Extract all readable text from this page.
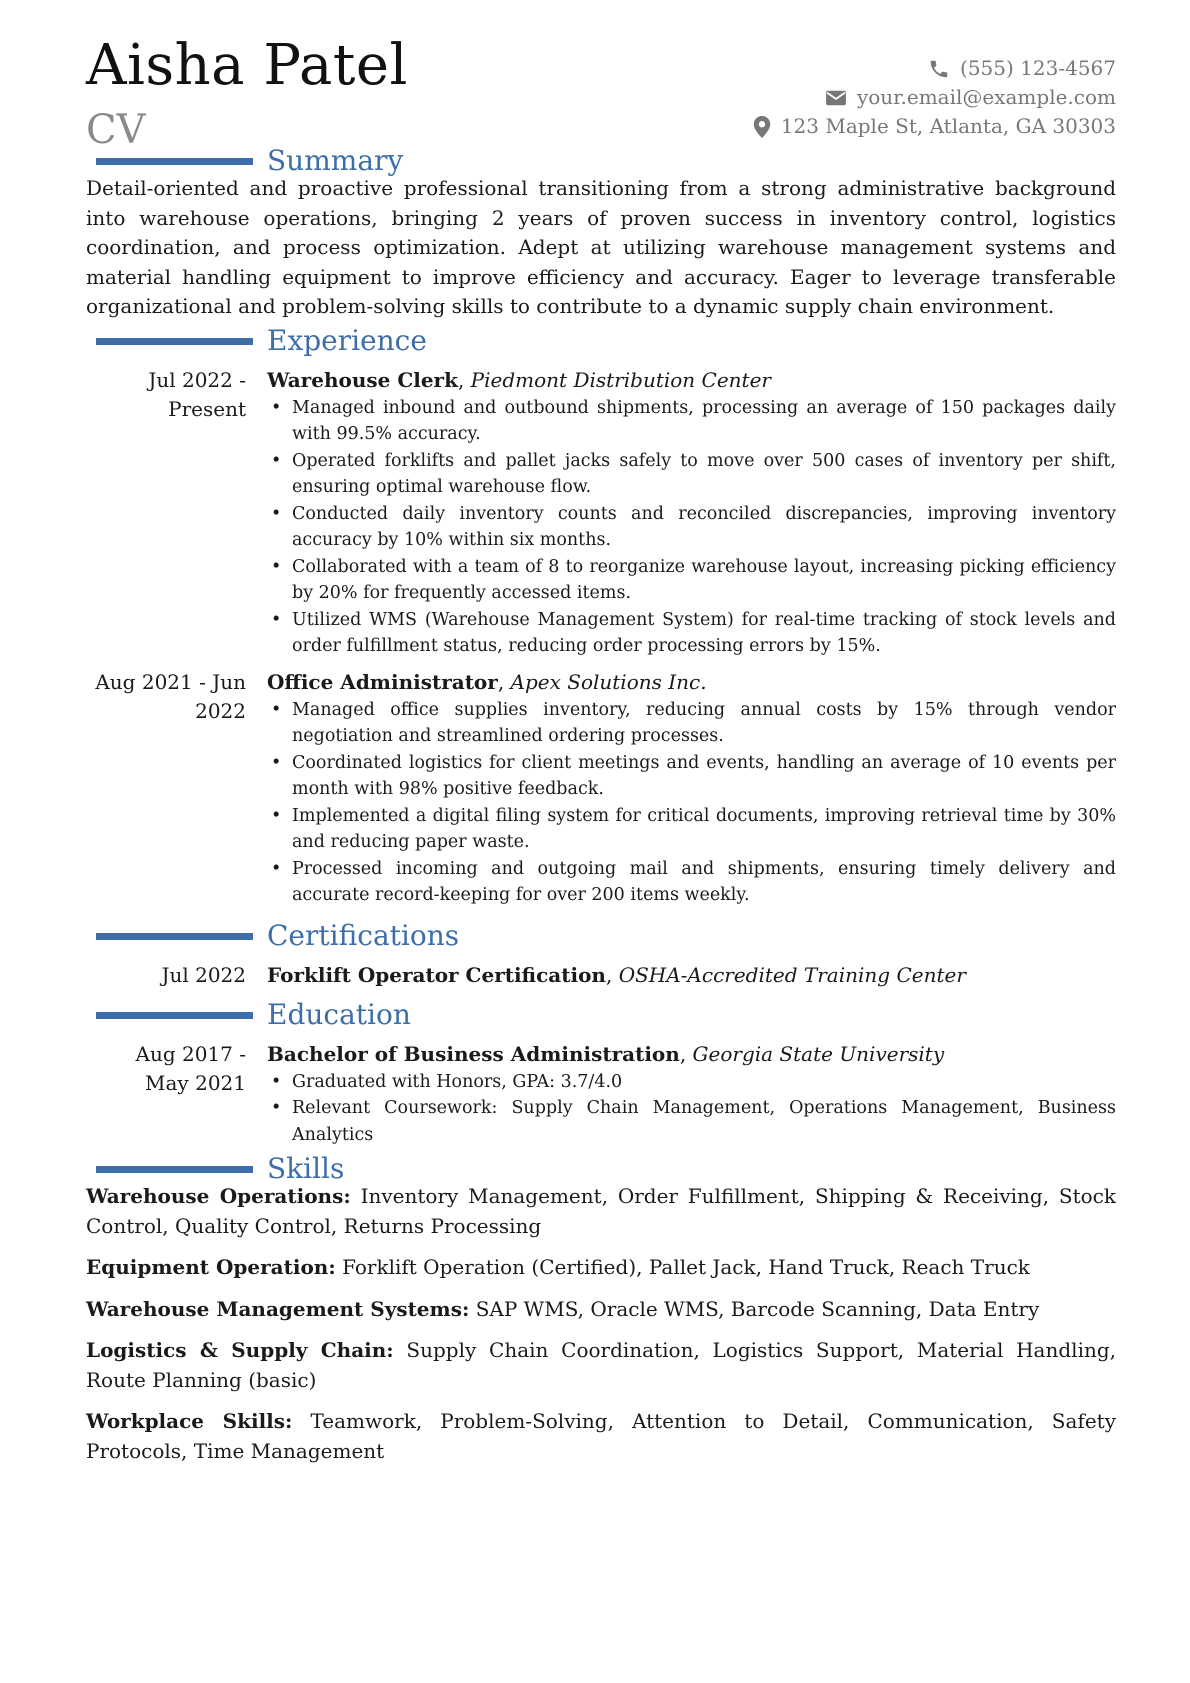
Aisha Patel
CV
(555) 123-4567
your.email@example.com
123 Maple St, Atlanta, GA 30303
Summary

Detail-oriented and proactive professional transitioning from a strong administrative background into warehouse operations, bringing 2 years of proven success in inventory control, logistics coordination, and process optimization. Adept at utilizing warehouse management systems and material handling equipment to improve efficiency and accuracy. Eager to leverage transferable organizational and problem-solving skills to contribute to a dynamic supply chain environment.

Experience
Jul 2022 - Present
Warehouse Clerk, Piedmont Distribution Center
• Managed inbound and outbound shipments, processing an average of 150 packages daily with 99.5% accuracy.
• Operated forklifts and pallet jacks safely to move over 500 cases of inventory per shift, ensuring optimal warehouse flow.
• Conducted daily inventory counts and reconciled discrepancies, improving inventory accuracy by 10% within six months.
• Collaborated with a team of 8 to reorganize warehouse layout, increasing picking efficiency by 20% for frequently accessed items.
• Utilized WMS (Warehouse Management System) for real-time tracking of stock levels and order fulfillment status, reducing order processing errors by 15%.
Aug 2021 - Jun 2022
Office Administrator, Apex Solutions Inc.
• Managed office supplies inventory, reducing annual costs by 15% through vendor negotiation and streamlined ordering processes.
• Coordinated logistics for client meetings and events, handling an average of 10 events per month with 98% positive feedback.
• Implemented a digital filing system for critical documents, improving retrieval time by 30% and reducing paper waste.
• Processed incoming and outgoing mail and shipments, ensuring timely delivery and accurate record-keeping for over 200 items weekly.
Certifications
Jul 2022	Forklift Operator Certification, OSHA-Accredited Training Center
Education
Aug 2017 - May 2021
Bachelor of Business Administration, Georgia State University
• Graduated with Honors, GPA: 3.7/4.0
• Relevant Coursework: Supply Chain Management, Operations Management, Business Analytics
Skills

Warehouse Operations: Inventory Management, Order Fulfillment, Shipping & Receiving, Stock Control, Quality Control, Returns Processing

Equipment Operation: Forklift Operation (Certified), Pallet Jack, Hand Truck, Reach Truck

Warehouse Management Systems: SAP WMS, Oracle WMS, Barcode Scanning, Data Entry

Logistics & Supply Chain: Supply Chain Coordination, Logistics Support, Material Handling, Route Planning (basic)

Workplace Skills: Teamwork, Problem-Solving, Attention to Detail, Communication, Safety Protocols, Time Management
